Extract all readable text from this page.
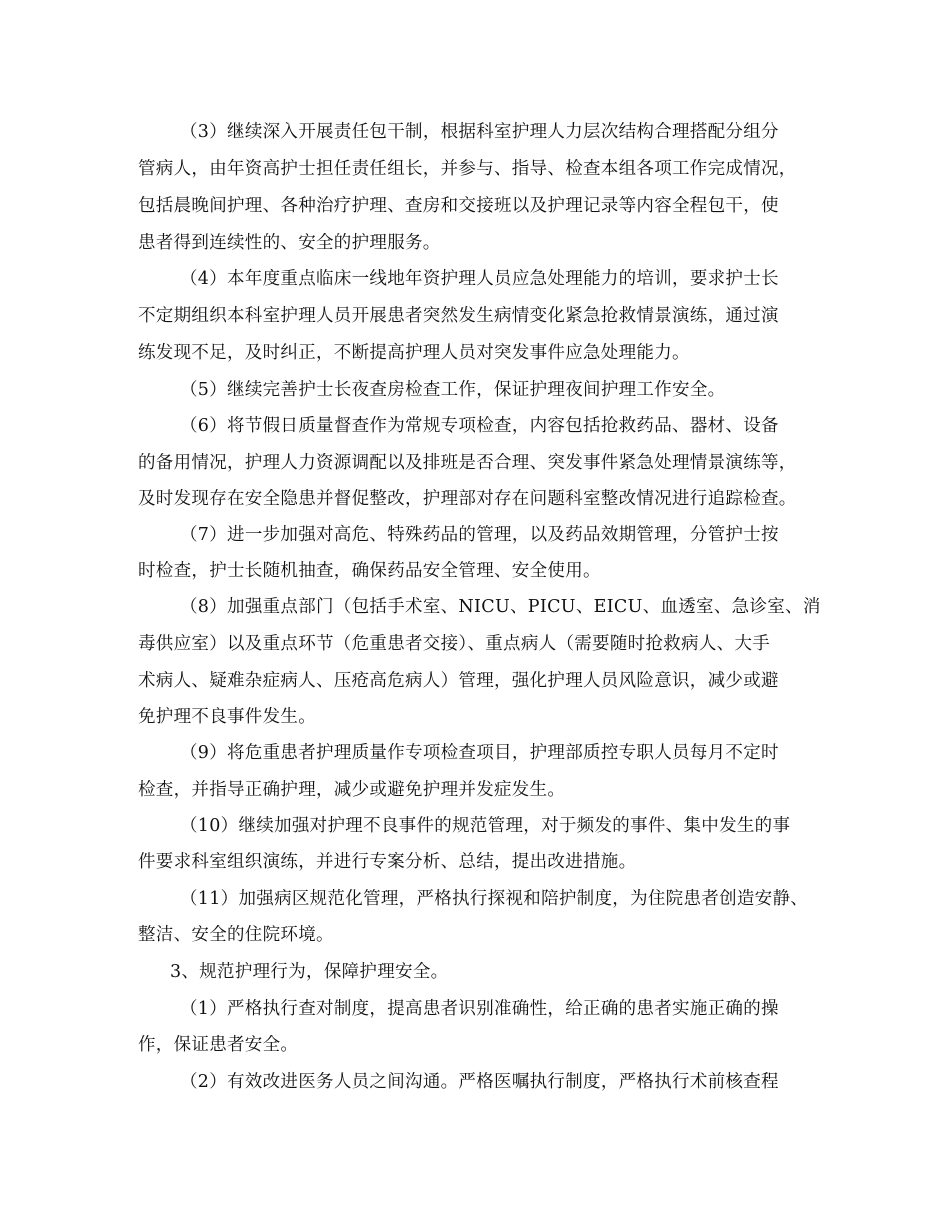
（3）继续深入开展责任包干制，根据科室护理人力层次结构合理搭配分组分
管病人，由年资高护士担任责任组长，并参与、指导、检查本组各项工作完成情况，
包括晨晚间护理、各种治疗护理、查房和交接班以及护理记录等内容全程包干，使
患者得到连续性的、安全的护理服务。
（4）本年度重点临床一线地年资护理人员应急处理能力的培训，要求护士长
不定期组织本科室护理人员开展患者突然发生病情变化紧急抢救情景演练，通过演
练发现不足，及时纠正，不断提高护理人员对突发事件应急处理能力。
（5）继续完善护士长夜查房检查工作，保证护理夜间护理工作安全。
（6）将节假日质量督查作为常规专项检查，内容包括抢救药品、器材、设备
的备用情况，护理人力资源调配以及排班是否合理、突发事件紧急处理情景演练等，
及时发现存在安全隐患并督促整改，护理部对存在问题科室整改情况进行追踪检查。
（7）进一步加强对高危、特殊药品的管理，以及药品效期管理，分管护士按
时检查，护士长随机抽查，确保药品安全管理、安全使用。
（8）加强重点部门（包括手术室、NICU、PICU、EICU、血透室、急诊室、消
毒供应室）以及重点环节（危重患者交接）、重点病人（需要随时抢救病人、大手
术病人、疑难杂症病人、压疮高危病人）管理，强化护理人员风险意识，减少或避
免护理不良事件发生。
（9）将危重患者护理质量作专项检查项目，护理部质控专职人员每月不定时
检查，并指导正确护理，减少或避免护理并发症发生。
（10）继续加强对护理不良事件的规范管理，对于频发的事件、集中发生的事
件要求科室组织演练，并进行专案分析、总结，提出改进措施。
（11）加强病区规范化管理，严格执行探视和陪护制度，为住院患者创造安静、
整洁、安全的住院环境。
3、规范护理行为，保障护理安全。
（1）严格执行查对制度，提高患者识别准确性，给正确的患者实施正确的操
作，保证患者安全。
（2）有效改进医务人员之间沟通。严格医嘱执行制度，严格执行术前核查程
